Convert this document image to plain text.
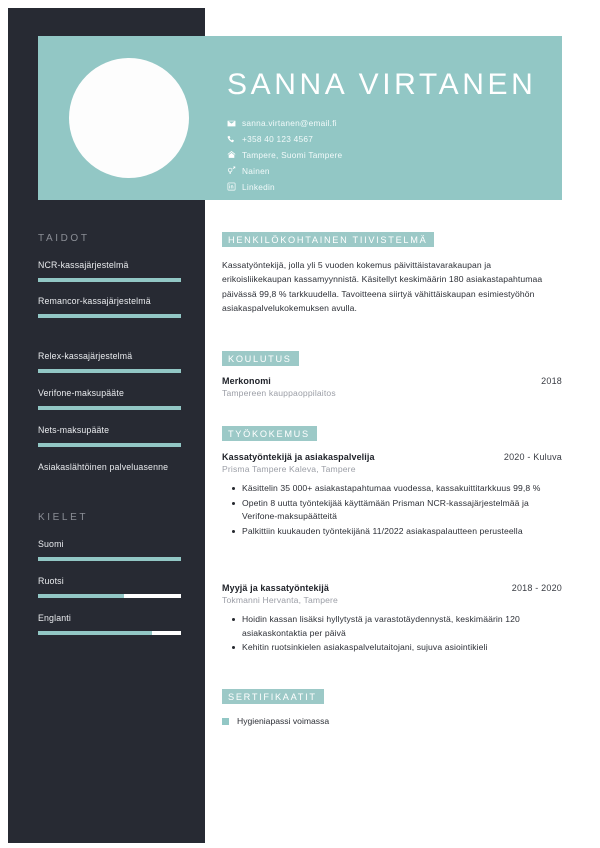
SANNA VIRTANEN
sanna.virtanen@email.fi
+358 40 123 4567
Tampere, Suomi Tampere
Nainen
Linkedin
TAIDOT
NCR-kassajärjestelmä
Remancor-kassajärjestelmä
Relex-kassajärjestelmä
Verifone-maksupääte
Nets-maksupääte
Asiakaslähtöinen palveluasenne
KIELET
Suomi
Ruotsi
Englanti
HENKILÖKOHTAINEN TIIVISTELMÄ
Kassatyöntekijä, jolla yli 5 vuoden kokemus päivittäistavarakaupan ja erikoisliikekaupan kassamyynnistä. Käsitellyt keskimäärin 180 asiakastapahtumaa päivässä 99,8 % tarkkuudella. Tavoitteena siirtyä vähittäiskaupan esimiestyöhön asiakaspalvelukokemuksen avulla.
KOULUTUS
Merkonomi	2018
Tampereen kauppaoppilaitos
TYÖKOKEMUS
Kassatyöntekijä ja asiakaspalvelija	2020 - Kuluva
Prisma Tampere Kaleva, Tampere
Käsittelin 35 000+ asiakastapahtumaa vuodessa, kassakuittitarkkuus 99,8 %
Opetin 8 uutta työntekijää käyttämään Prisman NCR-kassajärjestelmää ja Verifone-maksupäätteitä
Palkittiin kuukauden työntekijänä 11/2022 asiakaspalautteen perusteella
Myyjä ja kassatyöntekijä	2018 - 2020
Tokmanni Hervanta, Tampere
Hoidin kassan lisäksi hyllytystä ja varastotäydennystä, keskimäärin 120 asiakaskontaktia per päivä
Kehitin ruotsinkielen asiakaspalvelutaitojani, sujuva asiointikieli
SERTIFIKAATIT
Hygieniapassi voimassa
